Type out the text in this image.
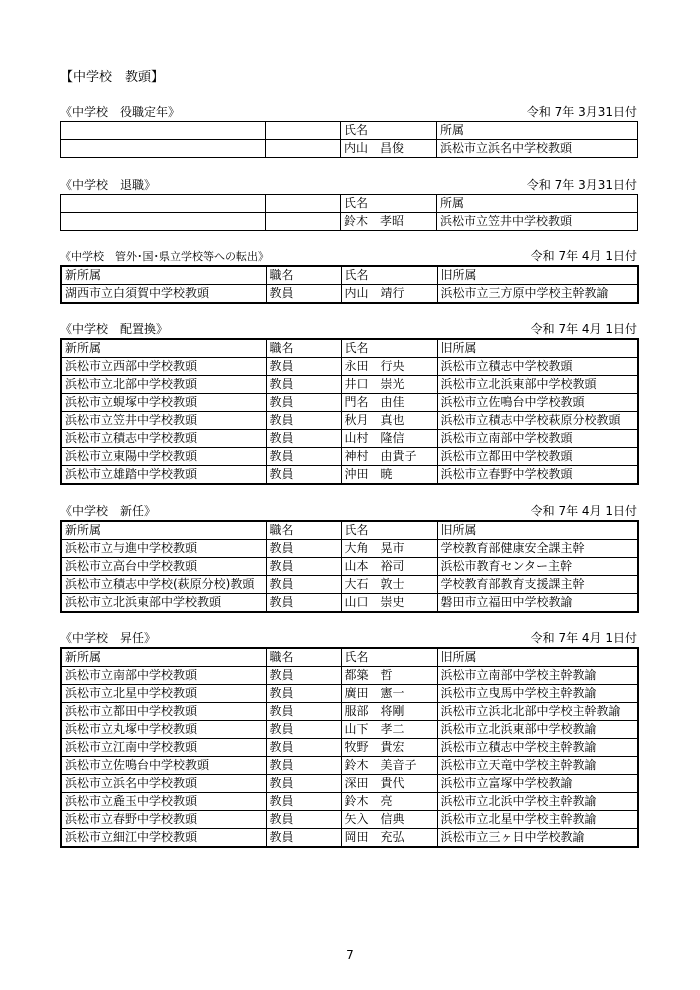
【中学校　教頭】
《中学校　役職定年》	令和 7年 3月31日付
		氏名	所属
		内山　昌俊	浜松市立浜名中学校教頭
《中学校　退職》	令和 7年 3月31日付
		氏名	所属
		鈴木　孝昭	浜松市立笠井中学校教頭
《中学校　管外･国･県立学校等への転出》	令和 7年 4月 1日付
新所属	職名	氏名	旧所属
湖西市立白須賀中学校教頭	教員	内山　靖行	浜松市立三方原中学校主幹教諭
《中学校　配置換》	令和 7年 4月 1日付
新所属	職名	氏名	旧所属
浜松市立西部中学校教頭	教員	永田　行央	浜松市立積志中学校教頭
浜松市立北部中学校教頭	教員	井口　崇光	浜松市立北浜東部中学校教頭
浜松市立蜆塚中学校教頭	教員	門名　由佳	浜松市立佐鳴台中学校教頭
浜松市立笠井中学校教頭	教員	秋月　真也	浜松市立積志中学校萩原分校教頭
浜松市立積志中学校教頭	教員	山村　隆信	浜松市立南部中学校教頭
浜松市立東陽中学校教頭	教員	神村　由貴子	浜松市立都田中学校教頭
浜松市立雄踏中学校教頭	教員	沖田　暁	浜松市立春野中学校教頭
《中学校　新任》	令和 7年 4月 1日付
新所属	職名	氏名	旧所属
浜松市立与進中学校教頭	教員	大角　晃市	学校教育部健康安全課主幹
浜松市立高台中学校教頭	教員	山本　裕司	浜松市教育センター主幹
浜松市立積志中学校(萩原分校)教頭	教員	大石　敦士	学校教育部教育支援課主幹
浜松市立北浜東部中学校教頭	教員	山口　崇史	磐田市立福田中学校教諭
《中学校　昇任》	令和 7年 4月 1日付
新所属	職名	氏名	旧所属
浜松市立南部中学校教頭	教員	都築　哲	浜松市立南部中学校主幹教諭
浜松市立北星中学校教頭	教員	廣田　憲一	浜松市立曳馬中学校主幹教諭
浜松市立都田中学校教頭	教員	服部　将剛	浜松市立浜北北部中学校主幹教諭
浜松市立丸塚中学校教頭	教員	山下　孝二	浜松市立北浜東部中学校教諭
浜松市立江南中学校教頭	教員	牧野　貴宏	浜松市立積志中学校主幹教諭
浜松市立佐鳴台中学校教頭	教員	鈴木　美音子	浜松市立天竜中学校主幹教諭
浜松市立浜名中学校教頭	教員	深田　貴代	浜松市立富塚中学校教諭
浜松市立麁玉中学校教頭	教員	鈴木　亮	浜松市立北浜中学校主幹教諭
浜松市立春野中学校教頭	教員	矢入　信典	浜松市立北星中学校主幹教諭
浜松市立細江中学校教頭	教員	岡田　充弘	浜松市立三ヶ日中学校教諭
7
